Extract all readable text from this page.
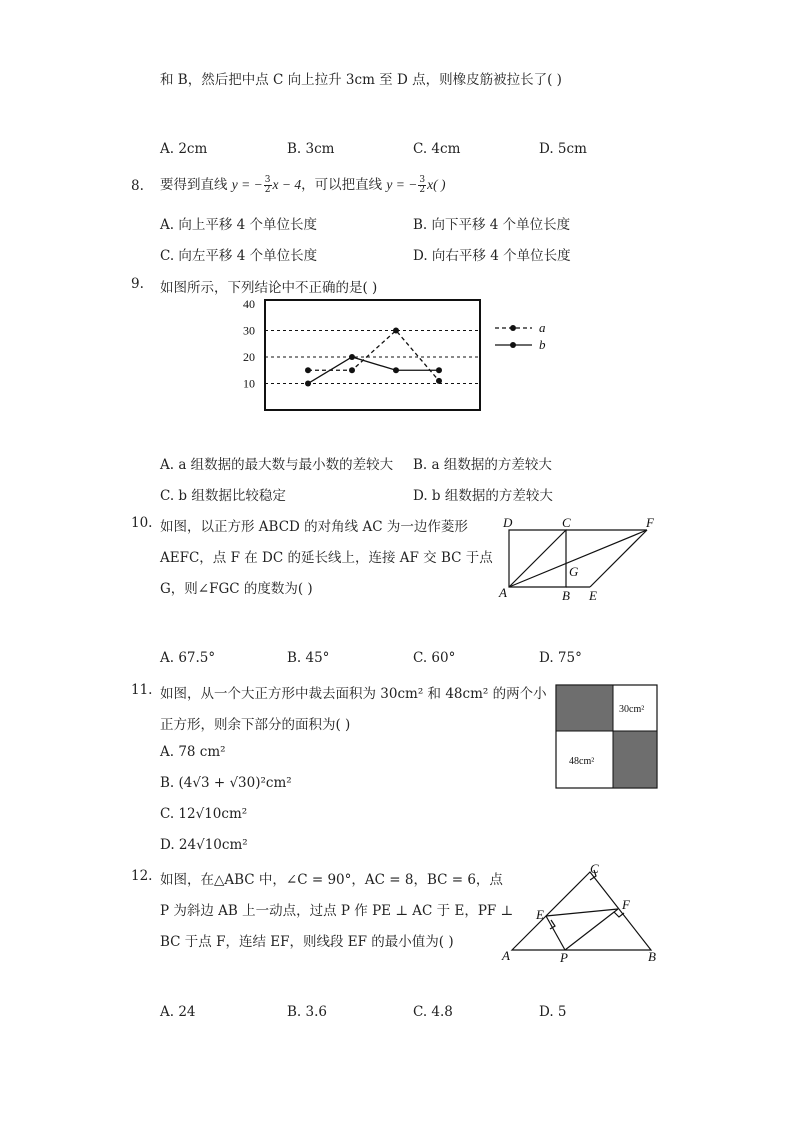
和 B，然后把中点 C 向上拉升 3cm 至 D 点，则橡皮筋被拉长了( )
A. 2cm	B. 3cm	C. 4cm	D. 5cm
8. 要得到直线 y = − $\frac{3}{2}$ x − 4，可以把直线 y = − $\frac{3}{2} x$( )
A. 向上平移 4 个单位长度	B. 向下平移 4 个单位长度
C. 向左平移 4 个单位长度	D. 向右平移 4 个单位长度
9. 如图所示，下列结论中不正确的是( )
10
20
30
40
a
b
A. a 组数据的最大数与最小数的差较大 B. a 组数据的方差较大
C. b 组数据比较稳定	D. b 组数据的方差较大
10. 如图，以正方形 ABCD 的对角线 AC 为一边作菱形
AEFC，点 F 在 DC 的延长线上，连接 AF 交 BC 于点
G，则∠FGC 的度数为( )
D	C	F
G
A	B E
A. 67.5°	B. 45°	C. 60°	D. 75°
11. 如图，从一个大正方形中裁去面积为 30cm² 和 48cm² 的两个小
正方形，则余下部分的面积为( )
A. 78 cm²
B. (4√3 + √30)²cm²
C. 12√10cm²
D. 24√10cm²
30cm²
48cm²
12. 如图，在△ABC 中，∠C = 90°，AC = 8，BC = 6，点
P 为斜边 AB 上一动点，过点 P 作 PE ⊥ AC 于 E，PF ⊥
BC 于点 F，连结 EF，则线段 EF 的最小值为( )
C
E
F
A	P	B
A. 24	B. 3.6	C. 4.8	D. 5
